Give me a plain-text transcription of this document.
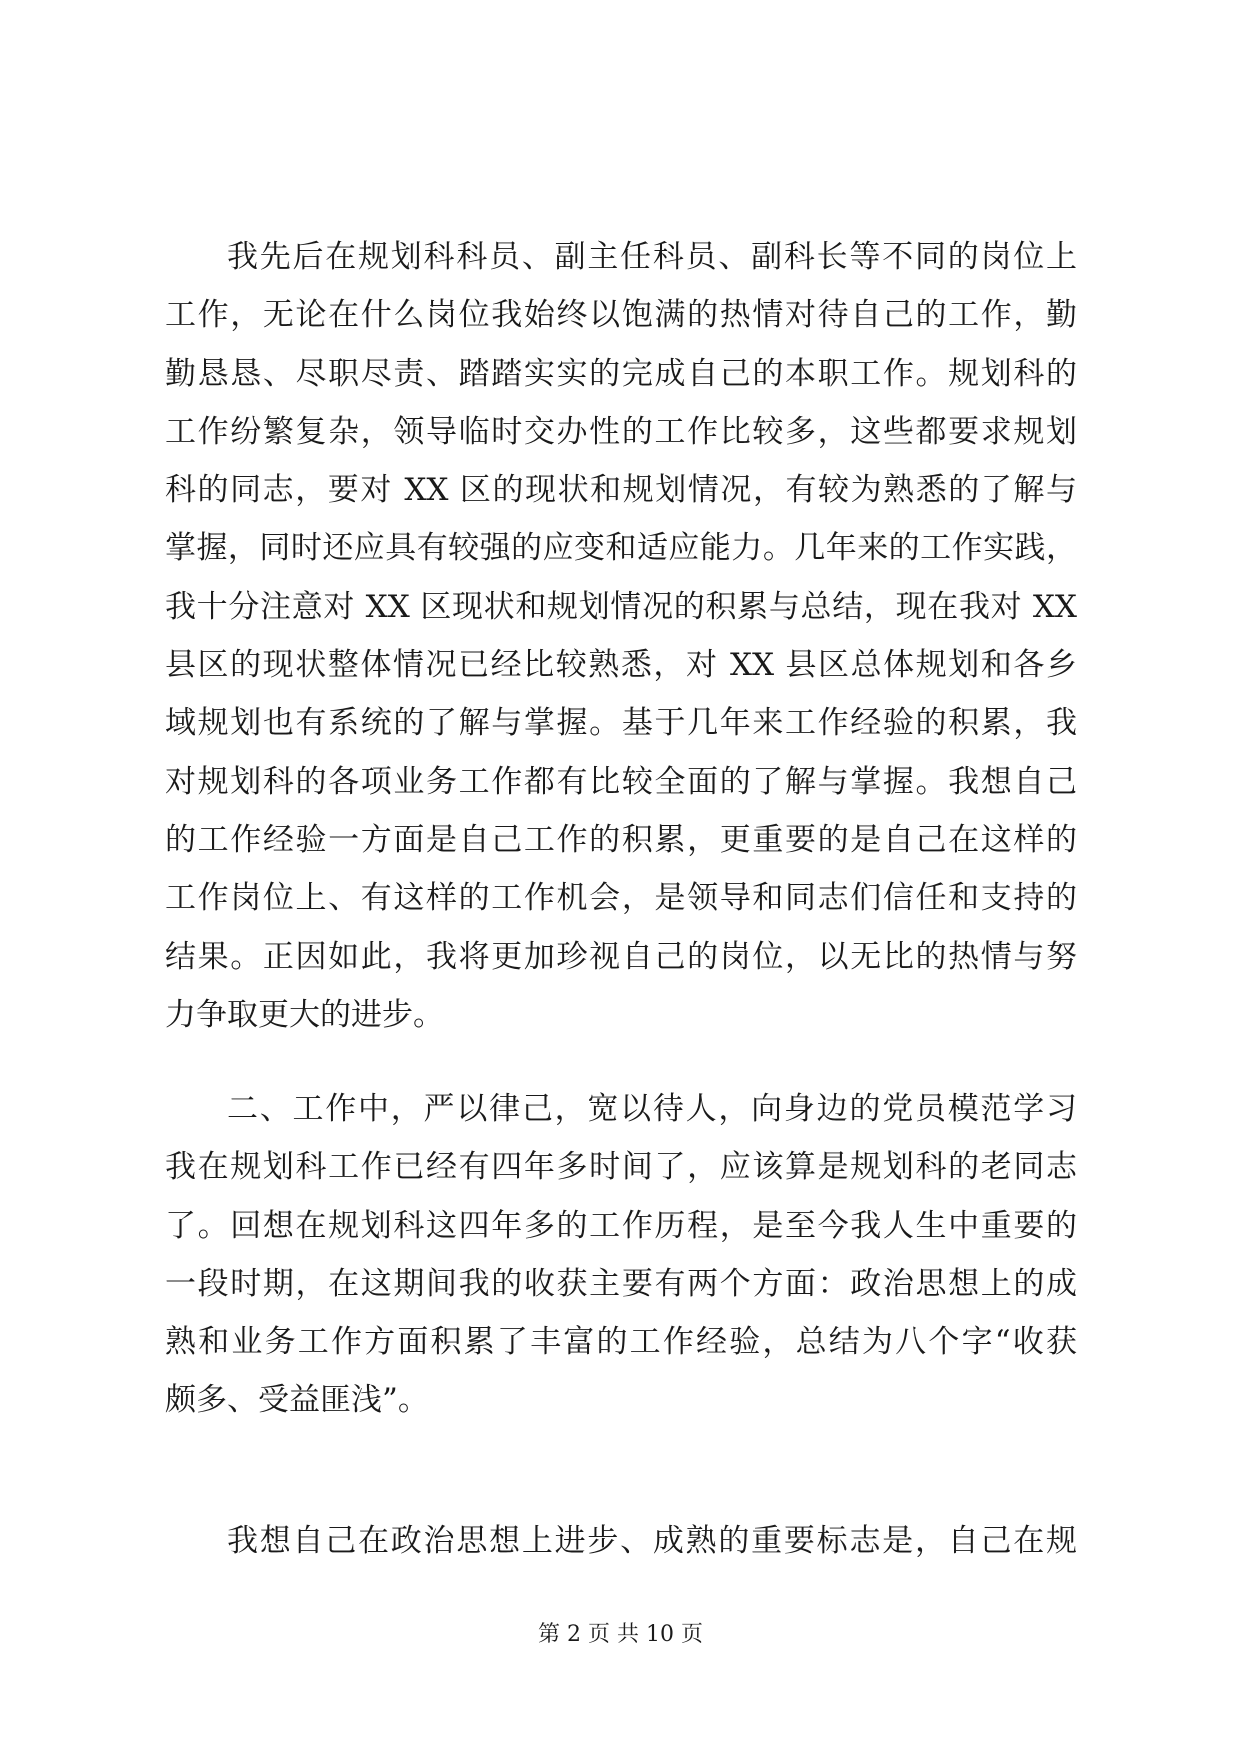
我先后在规划科科员、副主任科员、副科长等不同的岗位上
工作，无论在什么岗位我始终以饱满的热情对待自己的工作，勤
勤恳恳、尽职尽责、踏踏实实的完成自己的本职工作。规划科的
工作纷繁复杂，领导临时交办性的工作比较多，这些都要求规划
科的同志，要对 XX 区的现状和规划情况，有较为熟悉的了解与
掌握，同时还应具有较强的应变和适应能力。几年来的工作实践，
我十分注意对 XX 区现状和规划情况的积累与总结，现在我对 XX
县区的现状整体情况已经比较熟悉，对 XX 县区总体规划和各乡
域规划也有系统的了解与掌握。基于几年来工作经验的积累，我
对规划科的各项业务工作都有比较全面的了解与掌握。我想自己
的工作经验一方面是自己工作的积累，更重要的是自己在这样的
工作岗位上、有这样的工作机会，是领导和同志们信任和支持的
结果。正因如此，我将更加珍视自己的岗位，以无比的热情与努
力争取更大的进步。
二、工作中，严以律己，宽以待人，向身边的党员模范学习
我在规划科工作已经有四年多时间了，应该算是规划科的老同志
了。回想在规划科这四年多的工作历程，是至今我人生中重要的
一段时期，在这期间我的收获主要有两个方面：政治思想上的成
熟和业务工作方面积累了丰富的工作经验，总结为八个字“收获
颇多、受益匪浅”。
我想自己在政治思想上进步、成熟的重要标志是，自己在规
第 2 页 共 10 页
